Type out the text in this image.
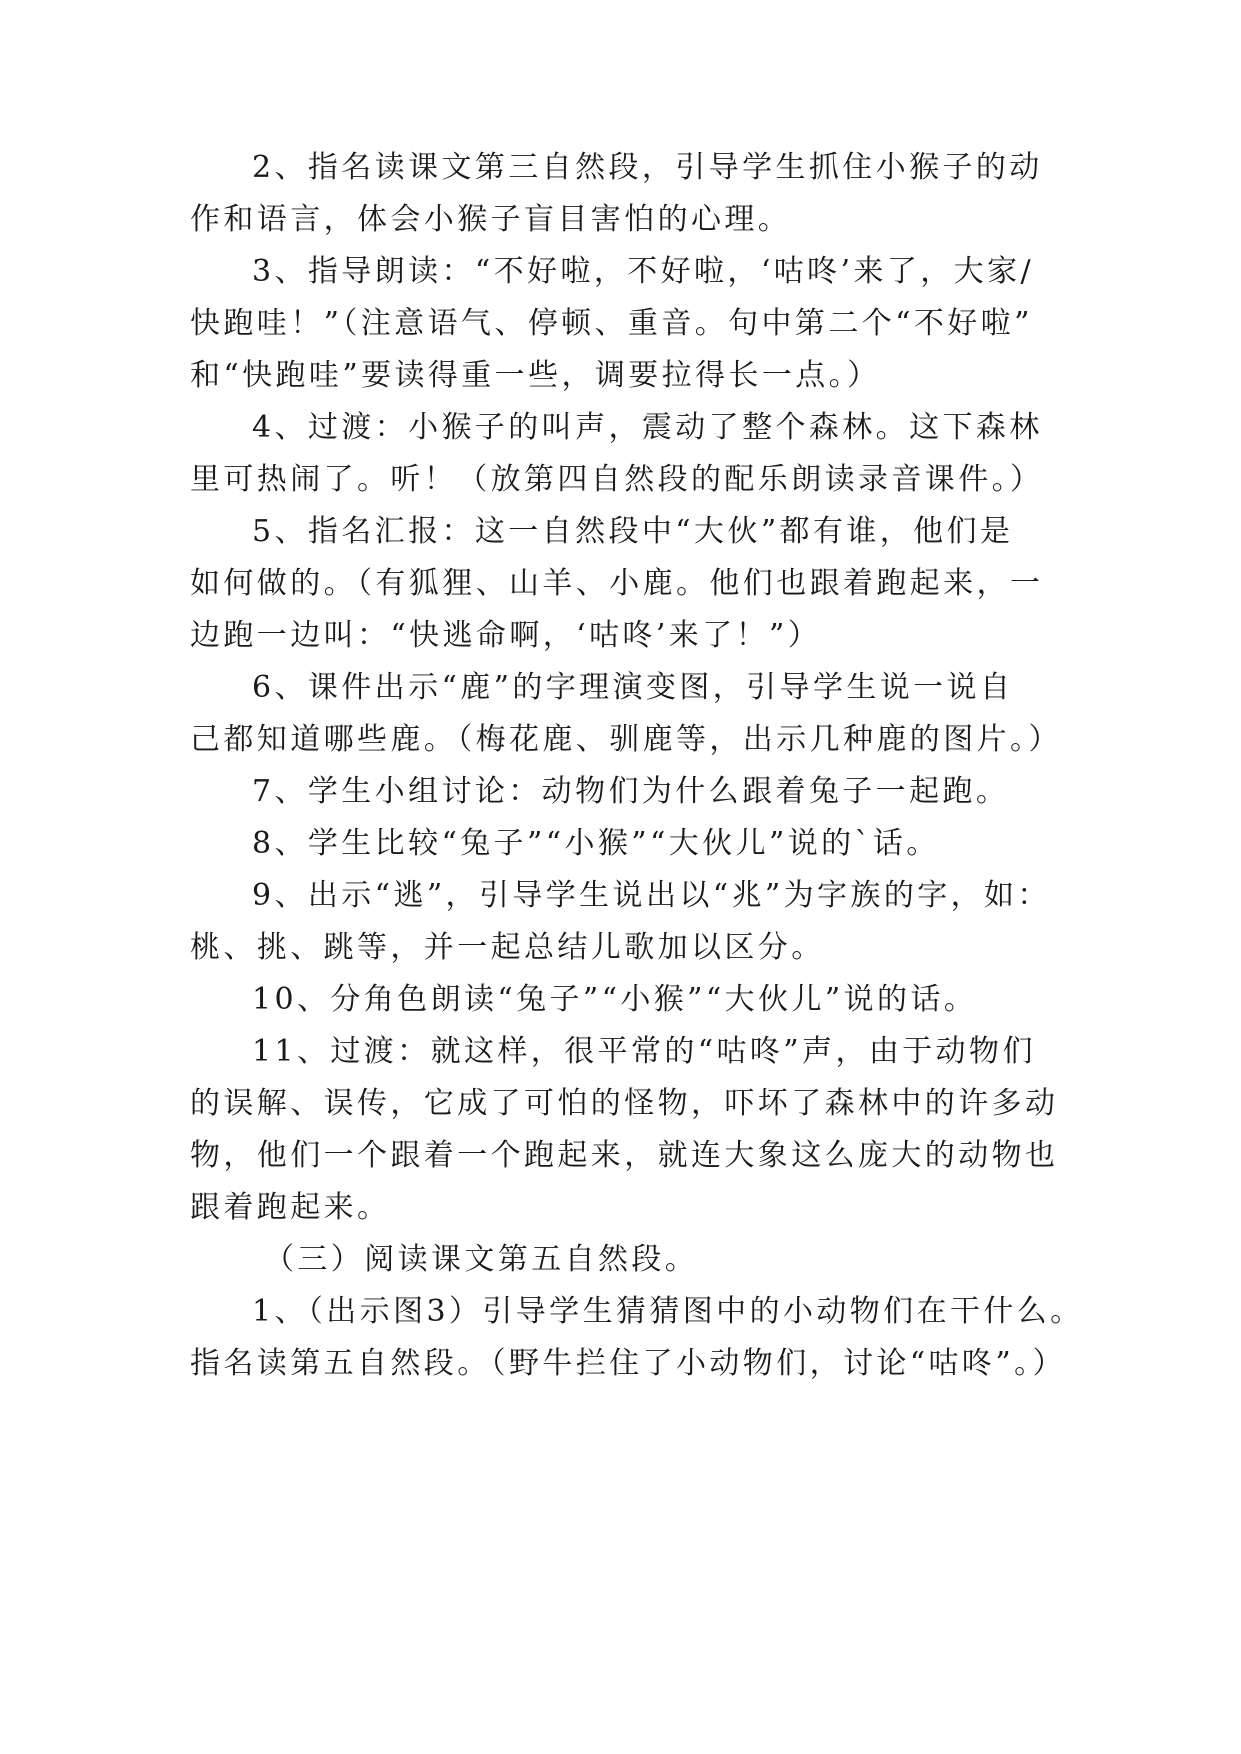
2、指名读课文第三自然段，引导学生抓住小猴子的动
作和语言，体会小猴子盲目害怕的心理。
3、指导朗读：“不好啦，不好啦，‘咕咚’来了，大家/
快跑哇！”（注意语气、停顿、重音。句中第二个“不好啦”
和“快跑哇”要读得重一些，调要拉得长一点。）
4、过渡：小猴子的叫声，震动了整个森林。这下森林
里可热闹了。听！（放第四自然段的配乐朗读录音课件。）
5、指名汇报：这一自然段中“大伙”都有谁，他们是
如何做的。（有狐狸、山羊、小鹿。他们也跟着跑起来，一
边跑一边叫：“快逃命啊，‘咕咚’来了！”）
6、课件出示“鹿”的字理演变图，引导学生说一说自
己都知道哪些鹿。（梅花鹿、驯鹿等，出示几种鹿的图片。）
7、学生小组讨论：动物们为什么跟着兔子一起跑。
8、学生比较“兔子”“小猴”“大伙儿”说的`话。
9、出示“逃”，引导学生说出以“兆”为字族的字，如：
桃、挑、跳等，并一起总结儿歌加以区分。
10、分角色朗读“兔子”“小猴”“大伙儿”说的话。
11、过渡：就这样，很平常的“咕咚”声，由于动物们
的误解、误传，它成了可怕的怪物，吓坏了森林中的许多动
物，他们一个跟着一个跑起来，就连大象这么庞大的动物也
跟着跑起来。
（三）阅读课文第五自然段。
1、（出示图3）引导学生猜猜图中的小动物们在干什么。
指名读第五自然段。（野牛拦住了小动物们，讨论“咕咚”。）
